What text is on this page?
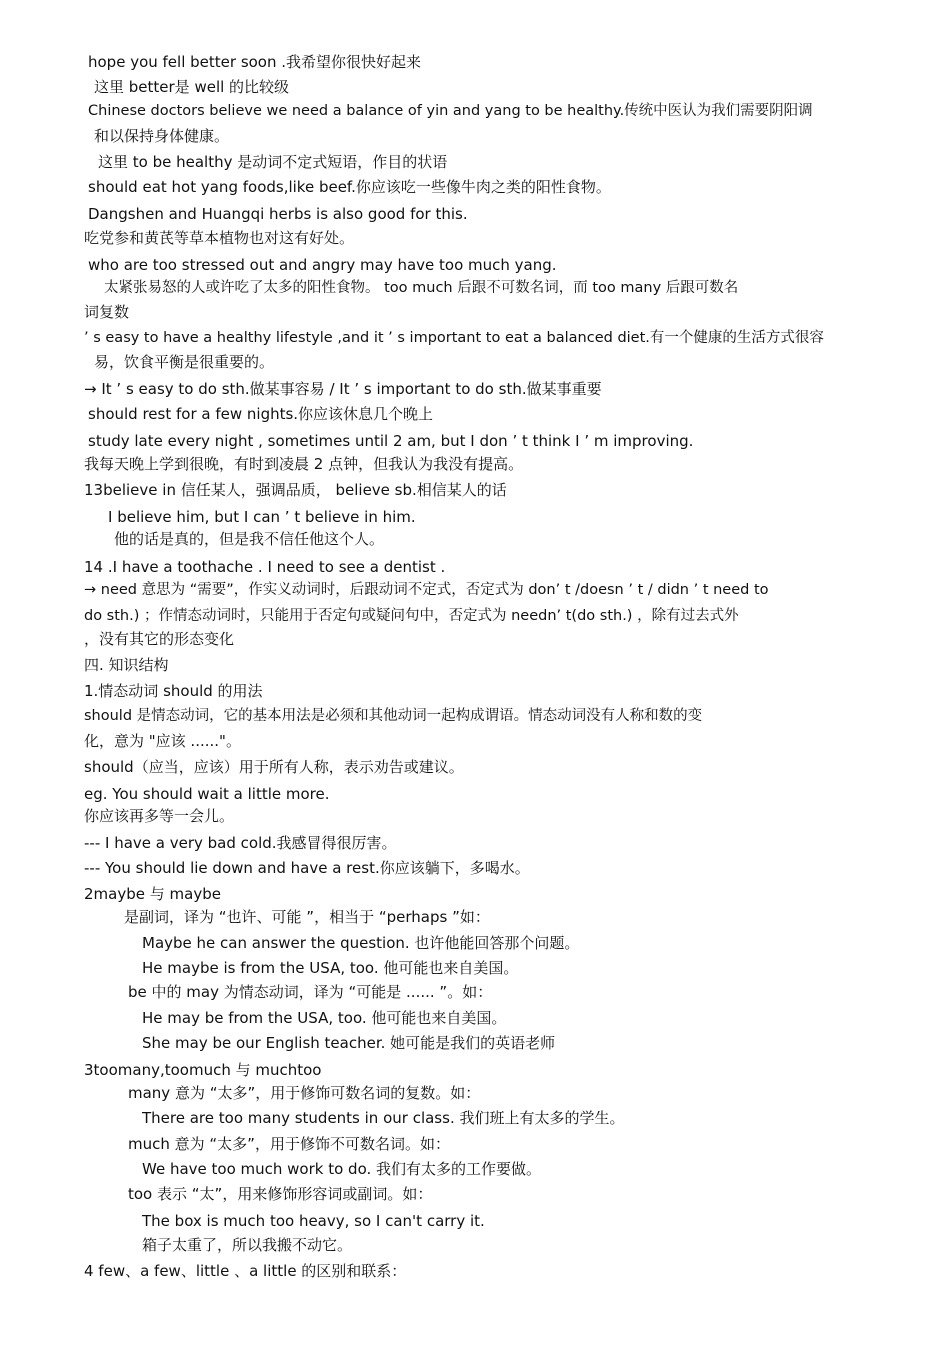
hope you fell better soon .我希望你很快好起来
这里 better是 well 的比较级
Chinese doctors believe we need a balance of yin and yang to be healthy.传统中医认为我们需要阴阳调
和以保持身体健康。
这里 to be healthy 是动词不定式短语，作目的状语
should eat hot yang foods,like beef.你应该吃一些像牛肉之类的阳性食物。
Dangshen and Huangqi herbs is also good for this.
吃党参和黄芪等草本植物也对这有好处。
who are too stressed out and angry may have too much yang.
太紧张易怒的人或许吃了太多的阳性食物。 too much 后跟不可数名词，而 too many 后跟可数名
词复数
’ s easy to have a healthy lifestyle ,and it ’ s important to eat a balanced diet.有一个健康的生活方式很容
易，饮食平衡是很重要的。
→ It ’ s easy to do sth.做某事容易 / It ’ s important to do sth.做某事重要
should rest for a few nights.你应该休息几个晚上
study late every night , sometimes until 2 am, but I don ’ t think I ’ m improving.
我每天晚上学到很晚，有时到凌晨 2 点钟，但我认为我没有提高。
13believe in 信任某人，强调品质， believe sb.相信某人的话
I believe him, but I can ’ t believe in him.
他的话是真的，但是我不信任他这个人。
14 .I have a toothache . I need to see a dentist .
→ need 意思为 “需要”，作实义动词时，后跟动词不定式，否定式为 don’ t /doesn ’ t / didn ’ t need to
do sth.) ；作情态动词时，只能用于否定句或疑问句中，否定式为 needn’ t(do sth.) ，除有过去式外
，没有其它的形态变化
四. 知识结构
1.情态动词 should 的用法
should 是情态动词，它的基本用法是必须和其他动词一起构成谓语。情态动词没有人称和数的变
化，意为 "应该 ......"。
should（应当，应该）用于所有人称，表示劝告或建议。
eg. You should wait a little more.
你应该再多等一会儿。
--- I have a very bad cold.我感冒得很厉害。
--- You should lie down and have a rest.你应该躺下，多喝水。
2maybe 与 maybe
是副词，译为 “也许、可能 ”，相当于 “perhaps ”如：
Maybe he can answer the question. 也许他能回答那个问题。
He maybe is from the USA, too. 他可能也来自美国。
be 中的 may 为情态动词，译为 “可能是 ...... ”。如：
He may be from the USA, too. 他可能也来自美国。
She may be our English teacher. 她可能是我们的英语老师
3toomany,toomuch 与 muchtoo
many 意为 “太多”，用于修饰可数名词的复数。如：
There are too many students in our class. 我们班上有太多的学生。
much 意为 “太多”，用于修饰不可数名词。如：
We have too much work to do. 我们有太多的工作要做。
too 表示 “太”，用来修饰形容词或副词。如：
The box is much too heavy, so I can't carry it.
箱子太重了，所以我搬不动它。
4 few、a few、little 、a little 的区别和联系：
